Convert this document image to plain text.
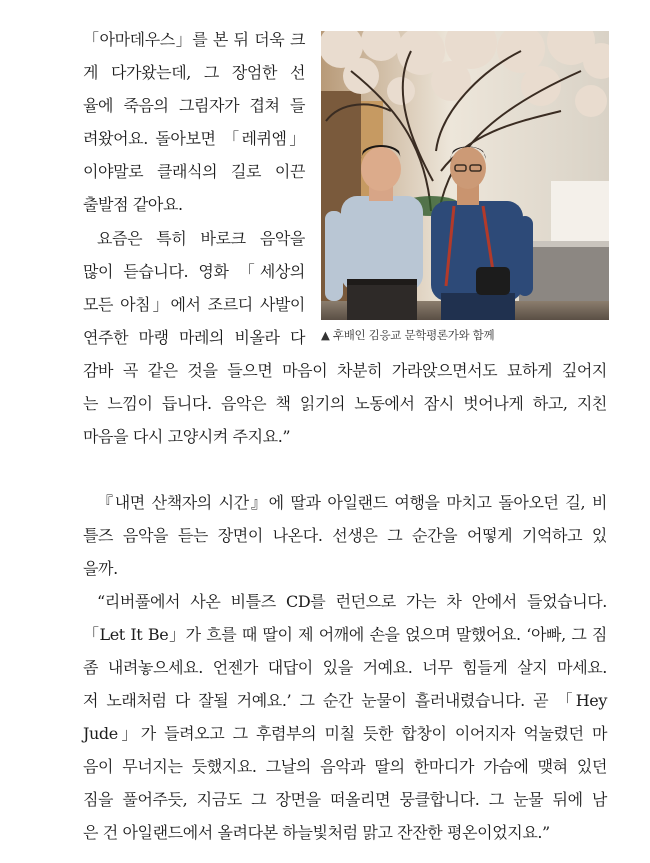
「아마데우스」를 본 뒤 더욱 크
게 다가왔는데, 그 장엄한 선
율에 죽음의 그림자가 겹쳐 들
려왔어요. 돌아보면 「레퀴엠」
이야말로 클래식의 길로 이끈
출발점 같아요.
요즘은 특히 바로크 음악을
많이 듣습니다. 영화 「세상의
모든 아침」에서 조르디 사발이
연주한 마랭 마레의 비올라 다
감바 곡 같은 것을 들으면 마음이 차분히 가라앉으면서도 묘하게 깊어지
는 느낌이 듭니다. 음악은 책 읽기의 노동에서 잠시 벗어나게 하고, 지친
마음을 다시 고양시켜 주지요.”
『내면 산책자의 시간』에 딸과 아일랜드 여행을 마치고 돌아오던 길, 비
틀즈 음악을 듣는 장면이 나온다. 선생은 그 순간을 어떻게 기억하고 있
을까.
“리버풀에서 사온 비틀즈 CD를 런던으로 가는 차 안에서 들었습니다.
「Let It Be」가 흐를 때 딸이 제 어깨에 손을 얹으며 말했어요. ‘아빠, 그 짐
좀 내려놓으세요. 언젠가 대답이 있을 거예요. 너무 힘들게 살지 마세요.
저 노래처럼 다 잘될 거예요.’ 그 순간 눈물이 흘러내렸습니다. 곧 「Hey
Jude」가 들려오고 그 후렴부의 미칠 듯한 합창이 이어지자 억눌렸던 마
음이 무너지는 듯했지요. 그날의 음악과 딸의 한마디가 가슴에 맺혀 있던
짐을 풀어주듯, 지금도 그 장면을 떠올리면 뭉클합니다. 그 눈물 뒤에 남
은 건 아일랜드에서 올려다본 하늘빛처럼 맑고 잔잔한 평온이었지요.”
▲ 후배인 김응교 문학평론가와 함께
